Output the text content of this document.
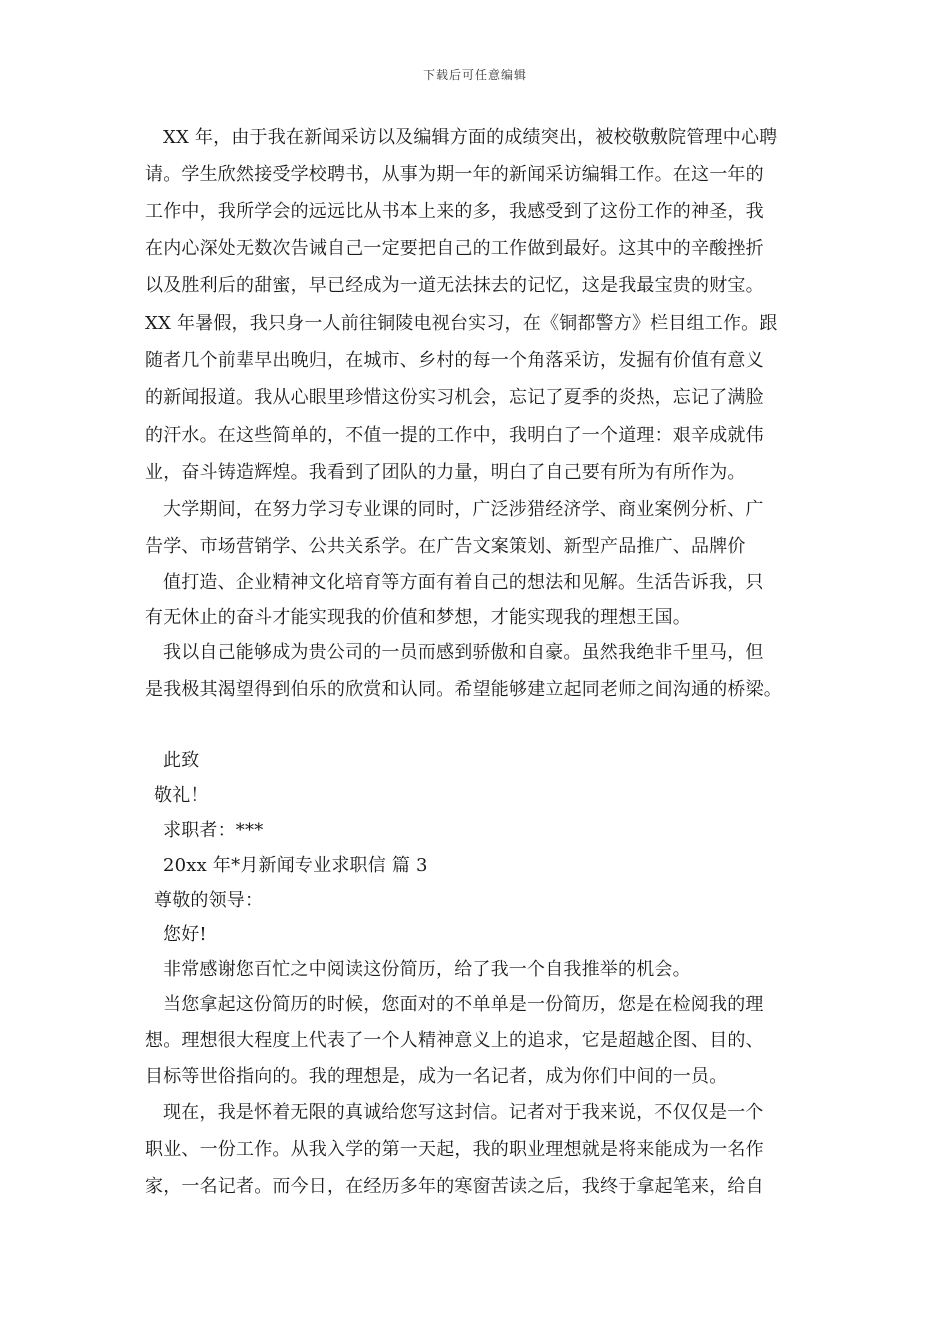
下载后可任意编辑
XX 年，由于我在新闻采访以及编辑方面的成绩突出，被校敬敷院管理中心聘
请。学生欣然接受学校聘书，从事为期一年的新闻采访编辑工作。在这一年的
工作中，我所学会的远远比从书本上来的多，我感受到了这份工作的神圣，我
在内心深处无数次告诫自己一定要把自己的工作做到最好。这其中的辛酸挫折
以及胜利后的甜蜜，早已经成为一道无法抹去的记忆，这是我最宝贵的财宝。
XX 年暑假，我只身一人前往铜陵电视台实习，在《铜都警方》栏目组工作。跟
随者几个前辈早出晚归，在城市、乡村的每一个角落采访，发掘有价值有意义
的新闻报道。我从心眼里珍惜这份实习机会，忘记了夏季的炎热，忘记了满脸
的汗水。在这些简单的，不值一提的工作中，我明白了一个道理：艰辛成就伟
业，奋斗铸造辉煌。我看到了团队的力量，明白了自己要有所为有所作为。
大学期间，在努力学习专业课的同时，广泛涉猎经济学、商业案例分析、广
告学、市场营销学、公共关系学。在广告文案策划、新型产品推广、品牌价
值打造、企业精神文化培育等方面有着自己的想法和见解。生活告诉我，只
有无休止的奋斗才能实现我的价值和梦想，才能实现我的理想王国。
我以自己能够成为贵公司的一员而感到骄傲和自豪。虽然我绝非千里马，但
是我极其渴望得到伯乐的欣赏和认同。希望能够建立起同老师之间沟通的桥梁。
此致
敬礼！
求职者：***
20xx 年*月新闻专业求职信 篇 3
尊敬的领导：
您好!
非常感谢您百忙之中阅读这份简历，给了我一个自我推举的机会。
当您拿起这份简历的时候，您面对的不单单是一份简历，您是在检阅我的理
想。理想很大程度上代表了一个人精神意义上的追求，它是超越企图、目的、
目标等世俗指向的。我的理想是，成为一名记者，成为你们中间的一员。
现在，我是怀着无限的真诚给您写这封信。记者对于我来说，不仅仅是一个
职业、一份工作。从我入学的第一天起，我的职业理想就是将来能成为一名作
家，一名记者。而今日，在经历多年的寒窗苦读之后，我终于拿起笔来，给自
